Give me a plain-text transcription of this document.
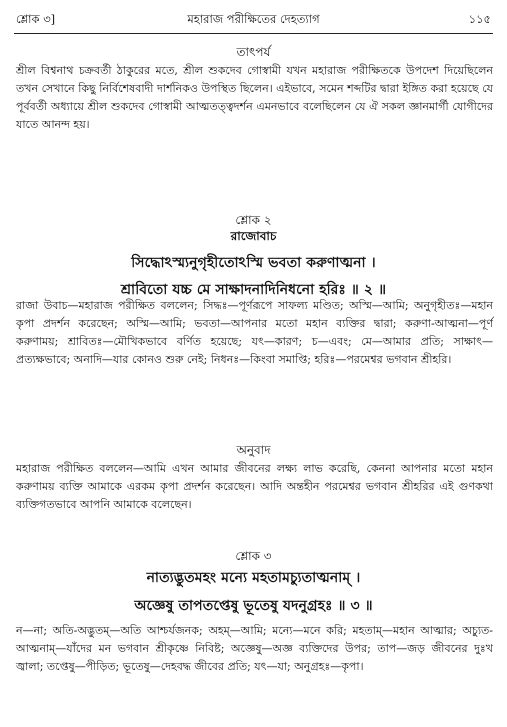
শ্লোক ৩]	মহারাজ পরীক্ষিতের দেহত্যাগ	১১৫
তাৎপর্য

শ্রীল বিশ্বনাথ চক্রবর্তী ঠাকুরের মতে, শ্রীল শুকদেব গোস্বামী যখন মহারাজ পরীক্ষিতকে উপদেশ দিয়েছিলেন তখন সেখানে কিছু নির্বিশেষবাদী দার্শনিকও উপস্থিত ছিলেন। এইভাবে, সমেন শব্দটির দ্বারা ইঙ্গিত করা হয়েছে যে পূর্ববর্তী অধ্যায়ে শ্রীল শুকদেব গোস্বামী আত্মতত্ত্বদর্শন এমনভাবে বলেছিলেন যে ঐ সকল জ্ঞানমার্গী যোগীদের যাতে আনন্দ হয়।

শ্লোক ২
রাজোবাচ
সিদ্ধোঽস্ম্যনুগৃহীতোঽস্মি ভবতা করুণাত্মনা ।
শ্রাবিতো যচ্চ মে সাক্ষাদনাদিনিধনো হরিঃ ॥ ২ ॥

রাজা উবাচ—মহারাজ পরীক্ষিত বললেন; সিদ্ধঃ—পূর্ণরূপে সাফল্য মণ্ডিত; অস্মি—আমি; অনুগৃহীতঃ—মহান কৃপা প্রদর্শন করেছেন; অস্মি—আমি; ভবতা—আপনার মতো মহান ব্যক্তির দ্বারা; করুণা-আত্মনা—পূর্ণ করুণাময়; শ্রাবিতঃ—মৌখিকভাবে বর্ণিত হয়েছে; যৎ—কারণ; চ—এবং; মে—আমার প্রতি; সাক্ষাৎ—প্রত্যক্ষভাবে; অনাদি—যার কোনও শুরু নেই; নিধনঃ—কিংবা সমাপ্তি; হরিঃ—পরমেশ্বর ভগবান শ্রীহরি।

অনুবাদ

মহারাজ পরীক্ষিত বললেন—আমি এখন আমার জীবনের লক্ষ্য লাভ করেছি, কেননা আপনার মতো মহান করুণাময় ব্যক্তি আমাকে এরকম কৃপা প্রদর্শন করেছেন। আদি অন্তহীন পরমেশ্বর ভগবান শ্রীহরির এই গুণকথা ব্যক্তিগতভাবে আপনি আমাকে বলেছেন।

শ্লোক ৩
নাত্যদ্ভুতমহং মন্যে মহতামচ্যুতাত্মনাম্ ।
অজ্ঞেষু তাপতপ্তেষু ভূতেষু যদনুগ্রহঃ ॥ ৩ ॥

ন—না; অতি-অদ্ভুতম্—অতি আশ্চর্যজনক; অহম্—আমি; মন্যে—মনে করি; মহতাম্—মহান আত্মার; অচ্যুত-আত্মনাম্—যাঁদের মন ভগবান শ্রীকৃষ্ণে নিবিষ্ট; অজ্ঞেষু—অজ্ঞ ব্যক্তিদের উপর; তাপ—জড় জীবনের দুঃখ জ্বালা; তপ্তেষু—পীড়িত; ভূতেষু—দেহবদ্ধ জীবের প্রতি; যৎ—যা; অনুগ্রহঃ—কৃপা।
